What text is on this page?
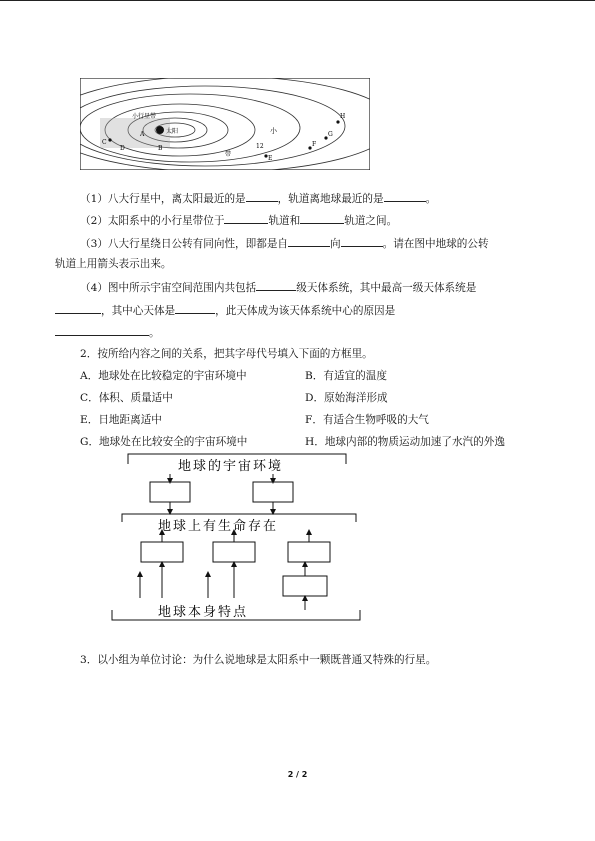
小行星带
太阳	小
带
H
G
F
E
C
D	B
A
12
（1）八大行星中，离太阳最近的是	，轨道离地球最近的是	。
（2）太阳系中的小行星带位于	轨道和	轨道之间。
（3）八大行星绕日公转有同向性，即都是自	向	。请在图中地球的公转
轨道上用箭头表示出来。
（4）图中所示宇宙空间范围内共包括	级天体系统，其中最高一级天体系统是
，其中心天体是	，此天体成为该天体系统中心的原因是
。
2．按所给内容之间的关系，把其字母代号填入下面的方框里。
A．地球处在比较稳定的宇宙环境中	B．有适宜的温度
C．体积、质量适中	D．原始海洋形成
E．日地距离适中	F．有适合生物呼吸的大气
G．地球处在比较安全的宇宙环境中	H．地球内部的物质运动加速了水汽的外逸
地球的宇宙环境
地球上有生命存在
地球本身特点
3．以小组为单位讨论：为什么说地球是太阳系中一颗既普通又特殊的行星。
2 / 2
